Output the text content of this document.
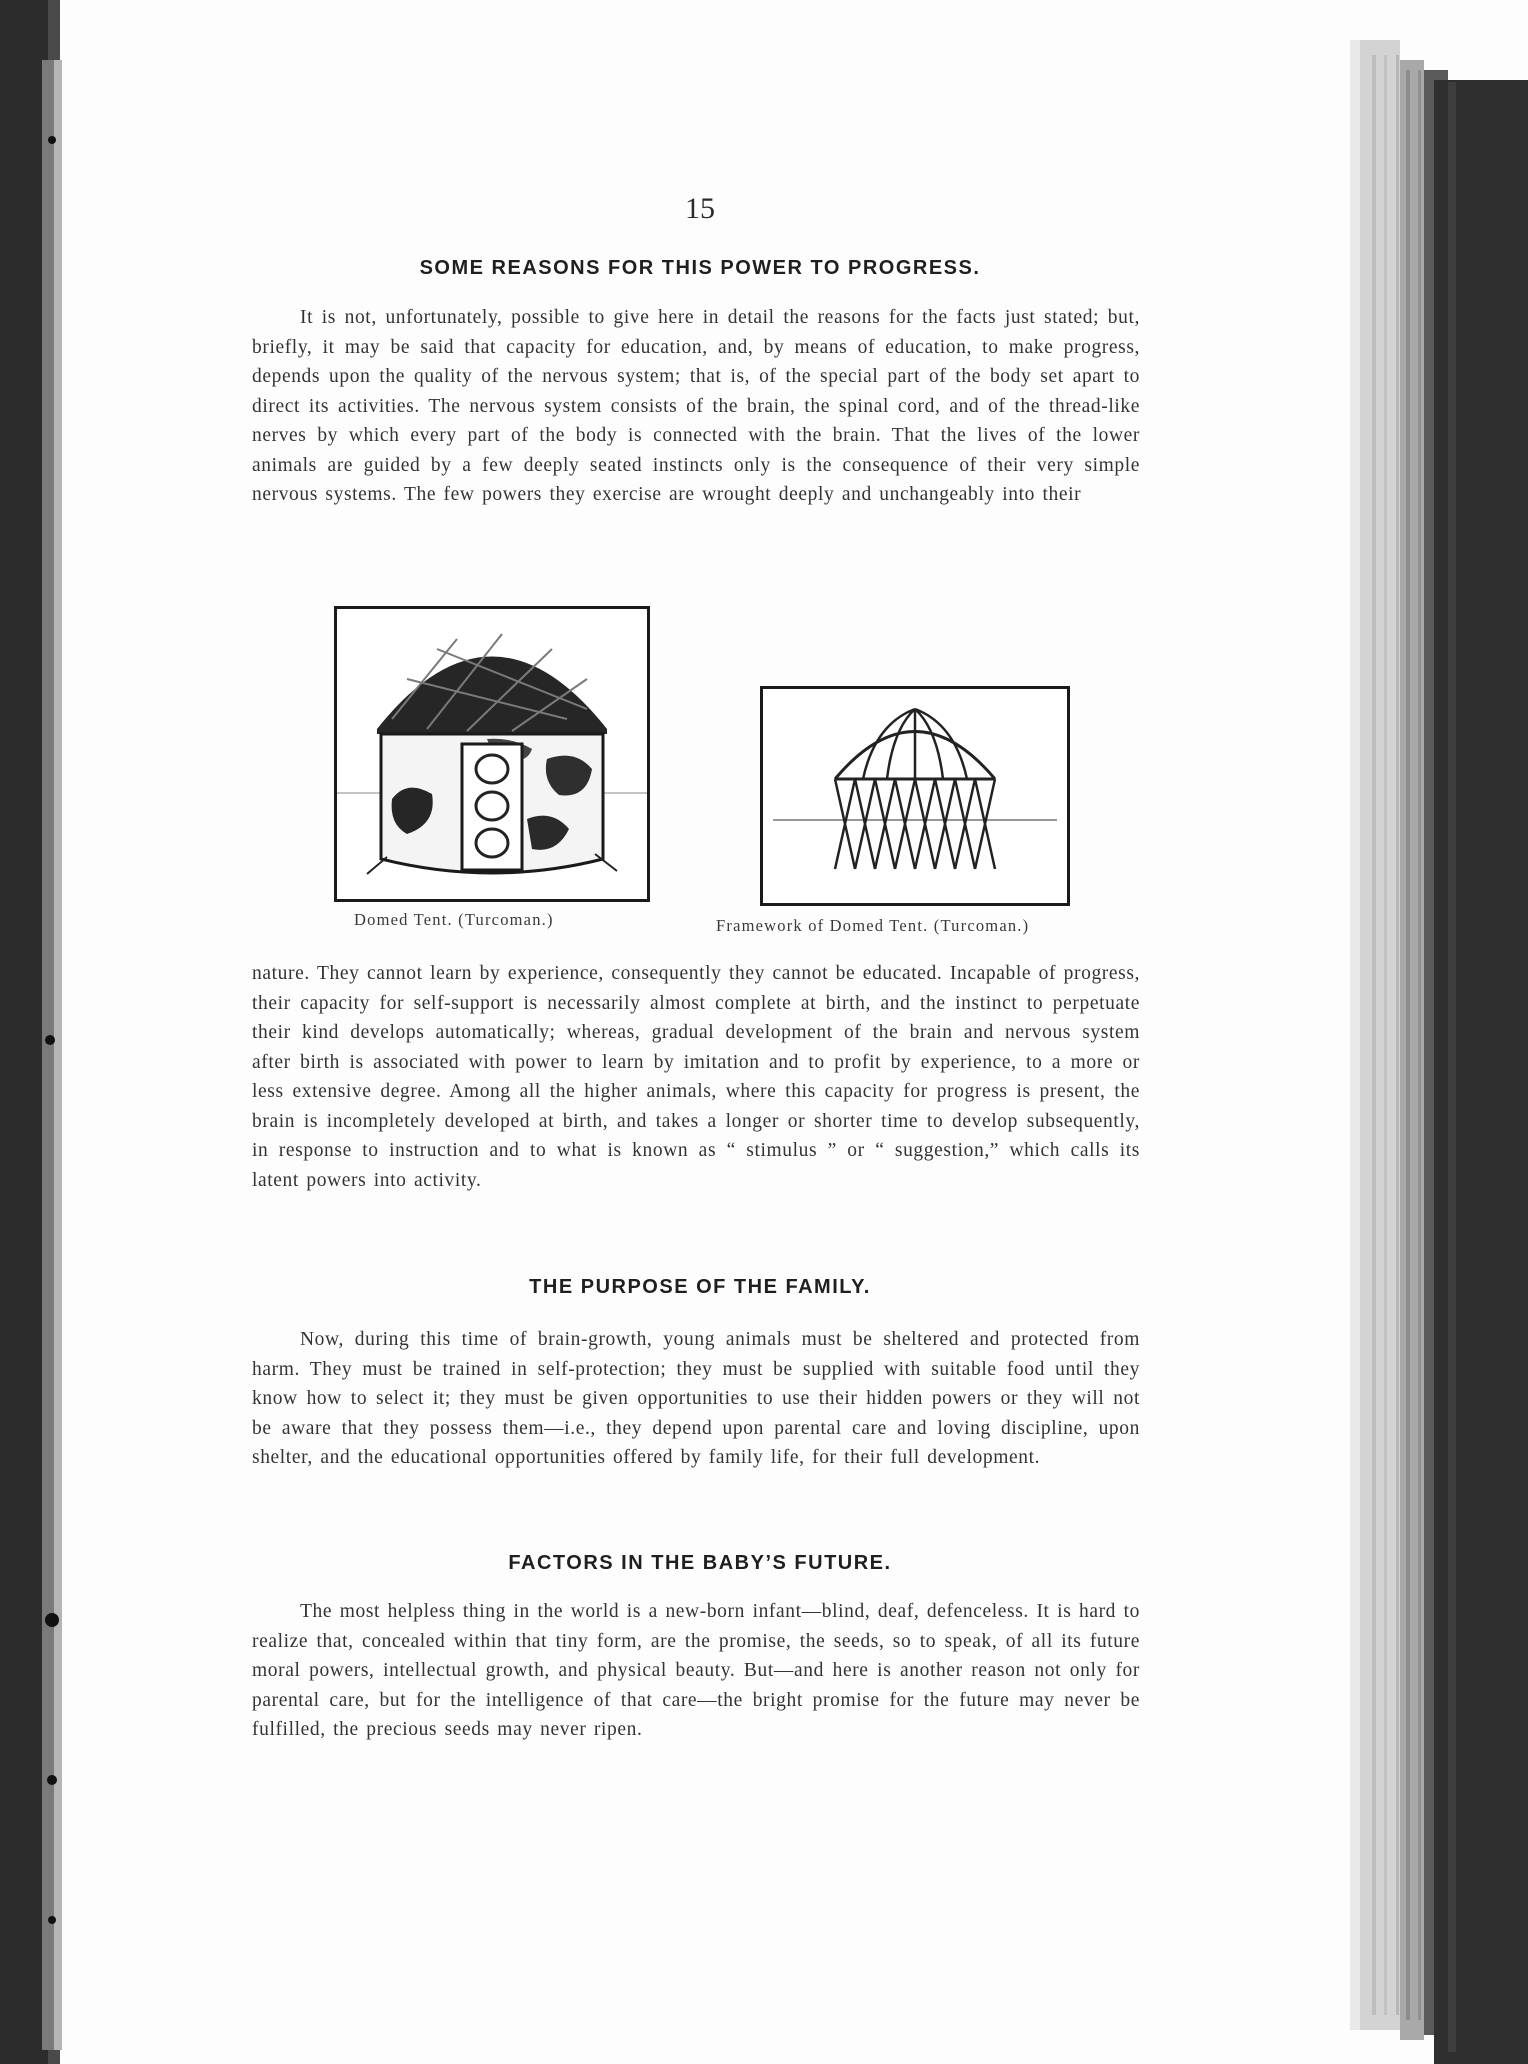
15
SOME REASONS FOR THIS POWER TO PROGRESS.
It is not, unfortunately, possible to give here in detail the reasons for the facts just stated; but, briefly, it may be said that capacity for education, and, by means of education, to make progress, depends upon the quality of the nervous system; that is, of the special part of the body set apart to direct its activities. The nervous system consists of the brain, the spinal cord, and of the thread-like nerves by which every part of the body is connected with the brain. That the lives of the lower animals are guided by a few deeply seated instincts only is the consequence of their very simple nervous systems. The few powers they exercise are wrought deeply and unchangeably into their
Domed Tent. (Turcoman.)	Framework of Domed Tent. (Turcoman.)
nature. They cannot learn by experience, consequently they cannot be educated. Incapable of progress, their capacity for self-support is necessarily almost complete at birth, and the instinct to perpetuate their kind develops automatically; whereas, gradual development of the brain and nervous system after birth is associated with power to learn by imitation and to profit by experience, to a more or less extensive degree. Among all the higher animals, where this capacity for progress is present, the brain is incompletely developed at birth, and takes a longer or shorter time to develop subsequently, in response to instruction and to what is known as “ stimulus ” or “ suggestion,” which calls its latent powers into activity.
THE PURPOSE OF THE FAMILY.
Now, during this time of brain-growth, young animals must be sheltered and protected from harm. They must be trained in self-protection; they must be supplied with suitable food until they know how to select it; they must be given opportunities to use their hidden powers or they will not be aware that they possess them—i.e., they depend upon parental care and loving discipline, upon shelter, and the educational opportunities offered by family life, for their full development.
FACTORS IN THE BABY’S FUTURE.
The most helpless thing in the world is a new-born infant—blind, deaf, defenceless. It is hard to realize that, concealed within that tiny form, are the promise, the seeds, so to speak, of all its future moral powers, intellectual growth, and physical beauty. But—and here is another reason not only for parental care, but for the intelligence of that care—the bright promise for the future may never be fulfilled, the precious seeds may never ripen.
